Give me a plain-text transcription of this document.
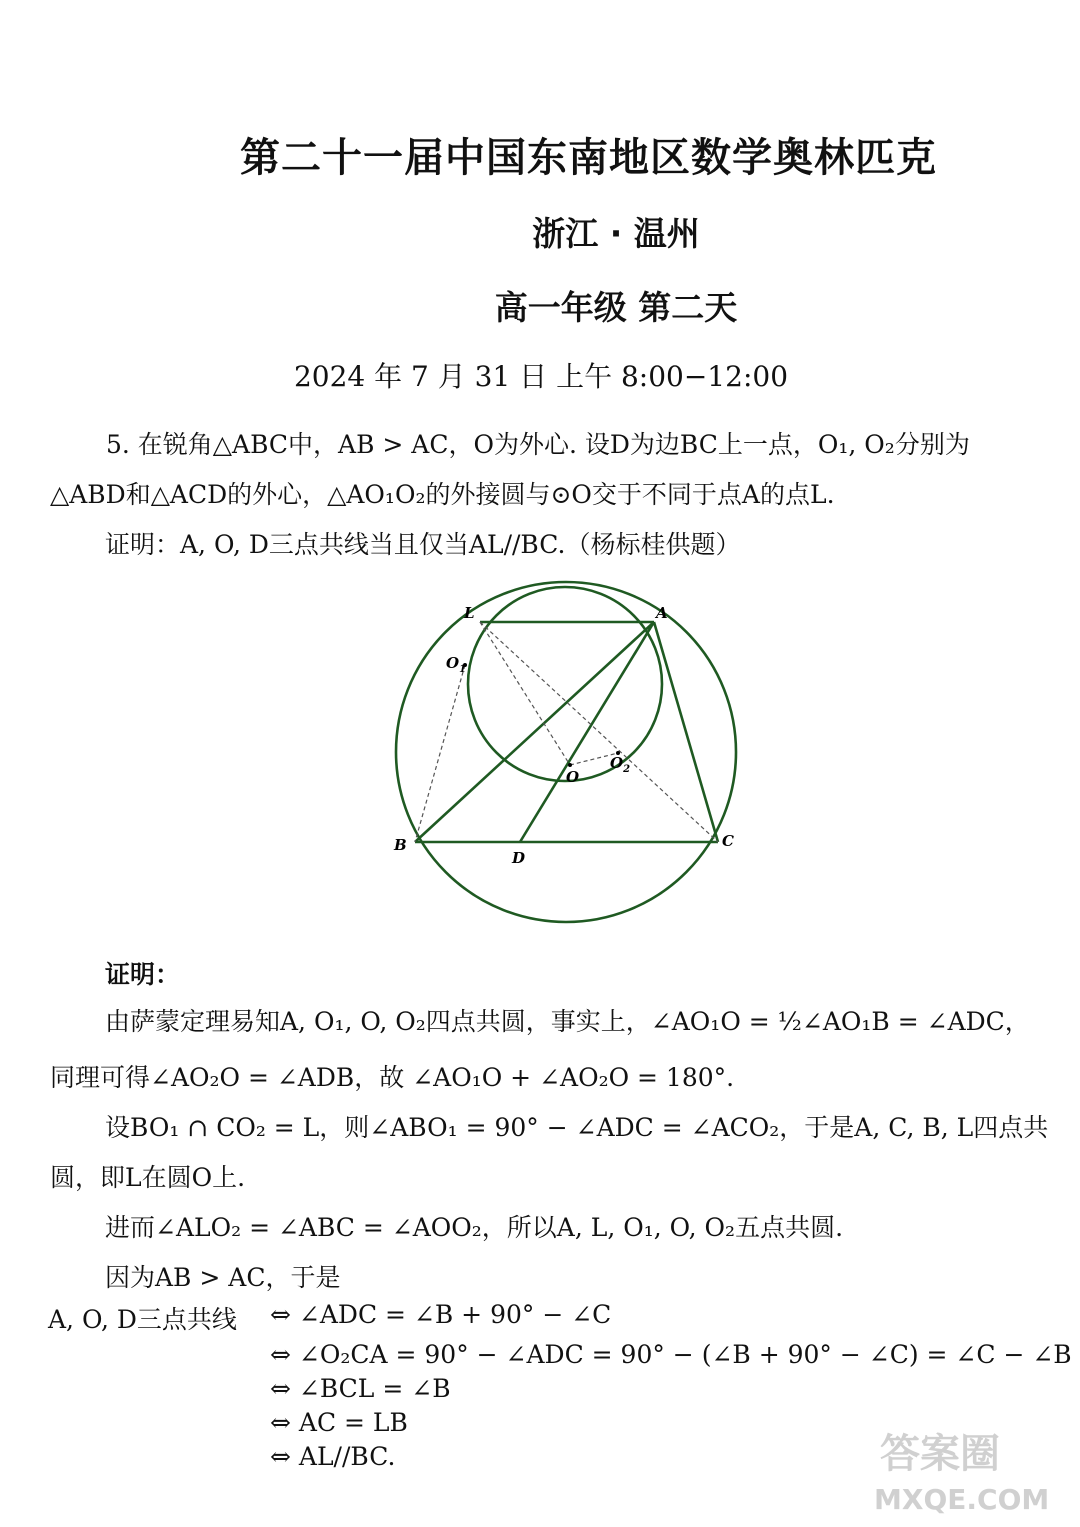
第二十一届中国东南地区数学奥林匹克
浙江 · 温州
高一年级 第二天
2024 年 7 月 31 日 上午 8:00−12:00
5. 在锐角△ABC中，AB > AC，O为外心. 设D为边BC上一点，O₁, O₂分别为△ABD和△ACD的外心，△AO₁O₂的外接圆与⊙O交于不同于点A的点L.
证明：A, O, D三点共线当且仅当AL//BC.（杨标桂供题）
L	A
$O_1$
O
$O_2$
B	C
D
证明：
由萨蒙定理易知A, O₁, O, O₂四点共圆，事实上，∠AO₁O = ½∠AO₁B = ∠ADC，
同理可得∠AO₂O = ∠ADB，故 ∠AO₁O + ∠AO₂O = 180°.
设BO₁ ∩ CO₂ = L，则∠ABO₁ = 90° − ∠ADC = ∠ACO₂，于是A, C, B, L四点共
圆，即L在圆O上.
进而∠ALO₂ = ∠ABC = ∠AOO₂，所以A, L, O₁, O, O₂五点共圆.
因为AB > AC，于是
A, O, D三点共线 ⇔ ∠ADC = ∠B + 90° − ∠C
⇔ ∠O₂CA = 90° − ∠ADC = 90° − (∠B + 90° − ∠C) = ∠C − ∠B
⇔ ∠BCL = ∠B
⇔ AC = LB
⇔ AL//BC.	答案圈
MXQE.COM
